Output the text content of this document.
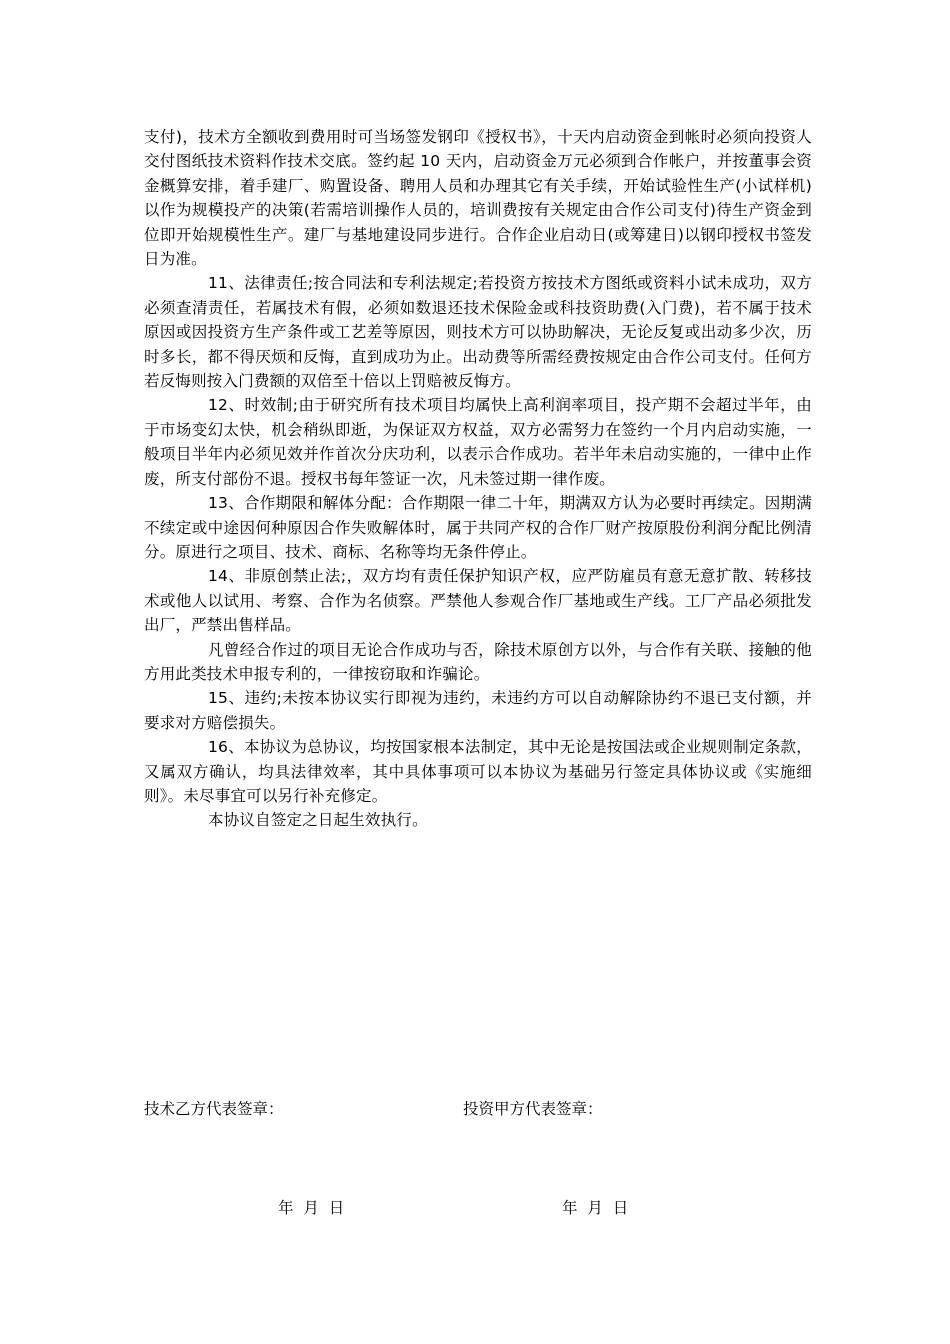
支付)，技术方全额收到费用时可当场签发钢印《授权书》，十天内启动资金到帐时必须向投资人交付图纸技术资料作技术交底。签约起 10 天内，启动资金万元必须到合作帐户，并按董事会资金概算安排，着手建厂、购置设备、聘用人员和办理其它有关手续，开始试验性生产(小试样机)以作为规模投产的决策(若需培训操作人员的，培训费按有关规定由合作公司支付)待生产资金到位即开始规模性生产。建厂与基地建设同步进行。合作企业启动日(或筹建日)以钢印授权书签发日为准。

11、法律责任;按合同法和专利法规定;若投资方按技术方图纸或资料小试未成功，双方必须查清责任，若属技术有假，必须如数退还技术保险金或科技资助费(入门费)，若不属于技术原因或因投资方生产条件或工艺差等原因，则技术方可以协助解决，无论反复或出动多少次，历时多长，都不得厌烦和反悔，直到成功为止。出动费等所需经费按规定由合作公司支付。任何方若反悔则按入门费额的双倍至十倍以上罚赔被反悔方。

12、时效制;由于研究所有技术项目均属快上高利润率项目，投产期不会超过半年，由于市场变幻太快，机会稍纵即逝，为保证双方权益，双方必需努力在签约一个月内启动实施，一般项目半年内必须见效并作首次分庆功利，以表示合作成功。若半年未启动实施的，一律中止作废，所支付部份不退。授权书每年签证一次，凡未签过期一律作废。

13、合作期限和解体分配：合作期限一律二十年，期满双方认为必要时再续定。因期满不续定或中途因何种原因合作失败解体时，属于共同产权的合作厂财产按原股份利润分配比例清分。原进行之项目、技术、商标、名称等均无条件停止。

14、非原创禁止法;，双方均有责任保护知识产权，应严防雇员有意无意扩散、转移技术或他人以试用、考察、合作为名侦察。严禁他人参观合作厂基地或生产线。工厂产品必须批发出厂，严禁出售样品。

凡曾经合作过的项目无论合作成功与否，除技术原创方以外，与合作有关联、接触的他方用此类技术申报专利的，一律按窃取和诈骗论。

15、违约;未按本协议实行即视为违约，未违约方可以自动解除协约不退已支付额，并要求对方赔偿损失。

16、本协议为总协议，均按国家根本法制定，其中无论是按国法或企业规则制定条款，又属双方确认，均具法律效率，其中具体事项可以本协议为基础另行签定具体协议或《实施细则》。未尽事宜可以另行补充修定。

本协议自签定之日起生效执行。

技术乙方代表签章：	投资甲方代表签章：
年  月  日	年  月  日
